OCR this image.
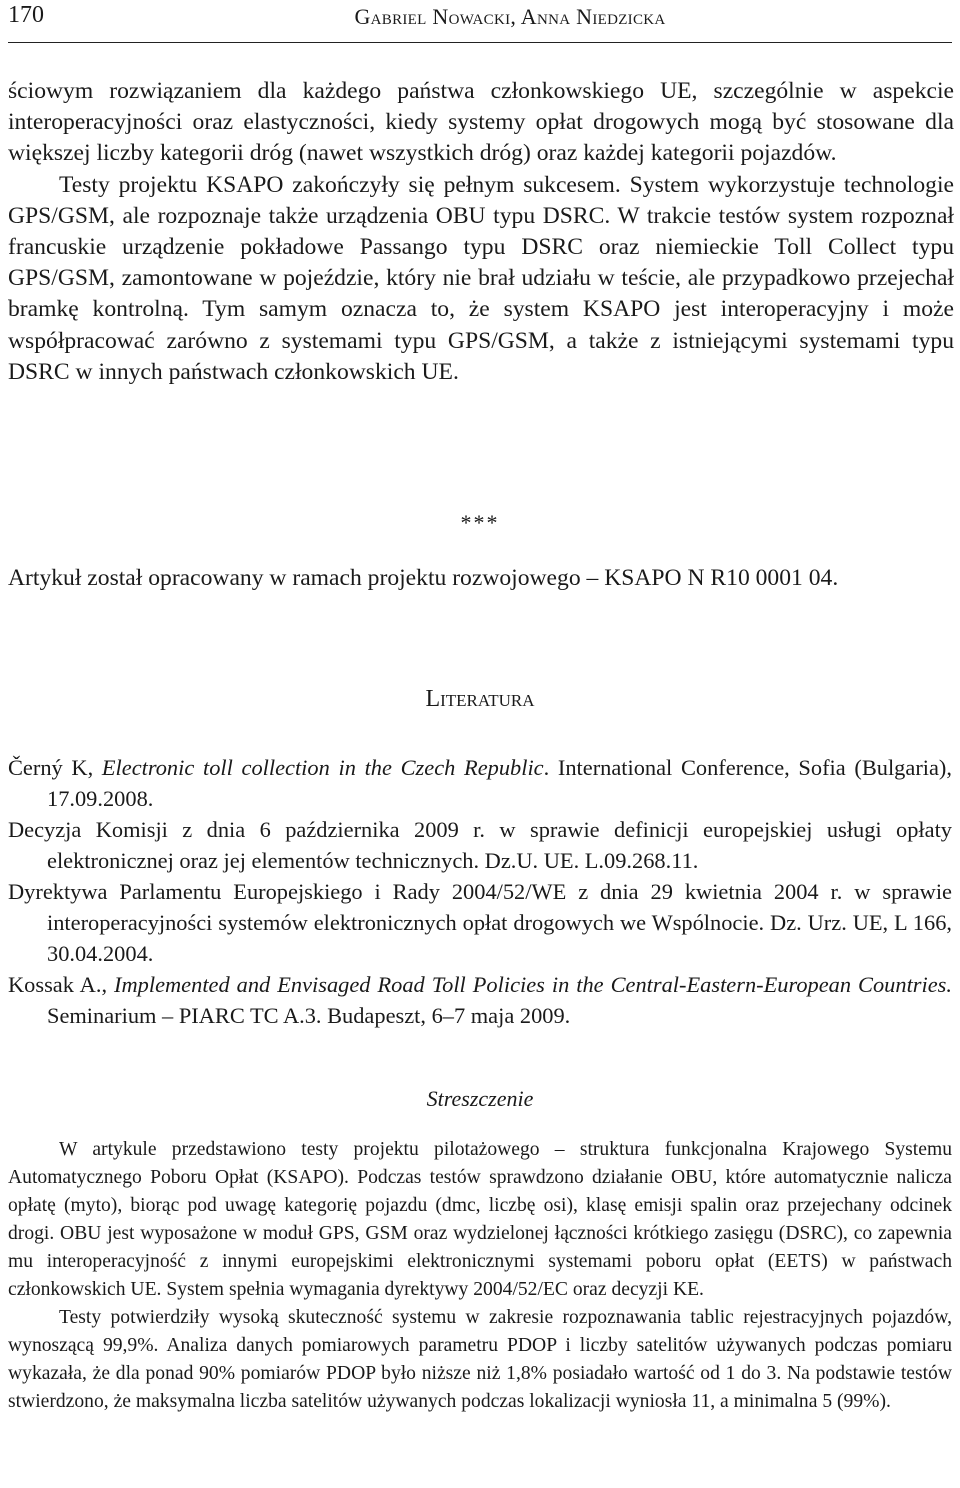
170	Gabriel Nowacki, Anna Niedzicka

ściowym rozwiązaniem dla każdego państwa członkowskiego UE, szczególnie w aspekcie interoperacyjności oraz elastyczności, kiedy systemy opłat drogowych mogą być stosowane dla większej liczby kategorii dróg (nawet wszystkich dróg) oraz każdej kategorii pojazdów.

Testy projektu KSAPO zakończyły się pełnym sukcesem. System wykorzystuje technologie GPS/GSM, ale rozpoznaje także urządzenia OBU typu DSRC. W trakcie testów system rozpoznał francuskie urządzenie pokładowe Passango typu DSRC oraz niemieckie Toll Collect typu GPS/GSM, zamontowane w pojeździe, który nie brał udziału w teście, ale przypadkowo przejechał bramkę kontrolną. Tym samym oznacza to, że system KSAPO jest interoperacyjny i może współpracować zarówno z systemami typu GPS/GSM, a także z istniejącymi systemami typu DSRC w innych państwach członkowskich UE.

***
Artykuł został opracowany w ramach projektu rozwojowego – KSAPO N R10 0001 04.
Literatura

Černý K, Electronic toll collection in the Czech Republic. International Conference, Sofia (Bulgaria), 17.09.2008.

Decyzja Komisji z dnia 6 października 2009 r. w sprawie definicji europejskiej usługi opłaty elektronicznej oraz jej elementów technicznych. Dz.U. UE. L.09.268.11.

Dyrektywa Parlamentu Europejskiego i Rady 2004/52/WE z dnia 29 kwietnia 2004 r. w sprawie interoperacyjności systemów elektronicznych opłat drogowych we Wspólnocie. Dz. Urz. UE, L 166, 30.04.2004.

Kossak A., Implemented and Envisaged Road Toll Policies in the Central-Eastern-European Countries. Seminarium – PIARC TC A.3. Budapeszt, 6–7 maja 2009.

Streszczenie

W artykule przedstawiono testy projektu pilotażowego – struktura funkcjonalna Krajowego Systemu Automatycznego Poboru Opłat (KSAPO). Podczas testów sprawdzono działanie OBU, które automatycznie nalicza opłatę (myto), biorąc pod uwagę kategorię pojazdu (dmc, liczbę osi), klasę emisji spalin oraz przejechany odcinek drogi. OBU jest wyposażone w moduł GPS, GSM oraz wydzielonej łączności krótkiego zasięgu (DSRC), co zapewnia mu interoperacyjność z innymi europejskimi elektronicznymi systemami poboru opłat (EETS) w państwach członkowskich UE. System spełnia wymagania dyrektywy 2004/52/EC oraz decyzji KE.

Testy potwierdziły wysoką skuteczność systemu w zakresie rozpoznawania tablic rejestracyjnych pojazdów, wynoszącą 99,9%. Analiza danych pomiarowych parametru PDOP i liczby satelitów używanych podczas pomiaru wykazała, że dla ponad 90% pomiarów PDOP było niższe niż 1,8% posiadało wartość od 1 do 3. Na podstawie testów stwierdzono, że maksymalna liczba satelitów używanych podczas lokalizacji wyniosła 11, a minimalna 5 (99%).
